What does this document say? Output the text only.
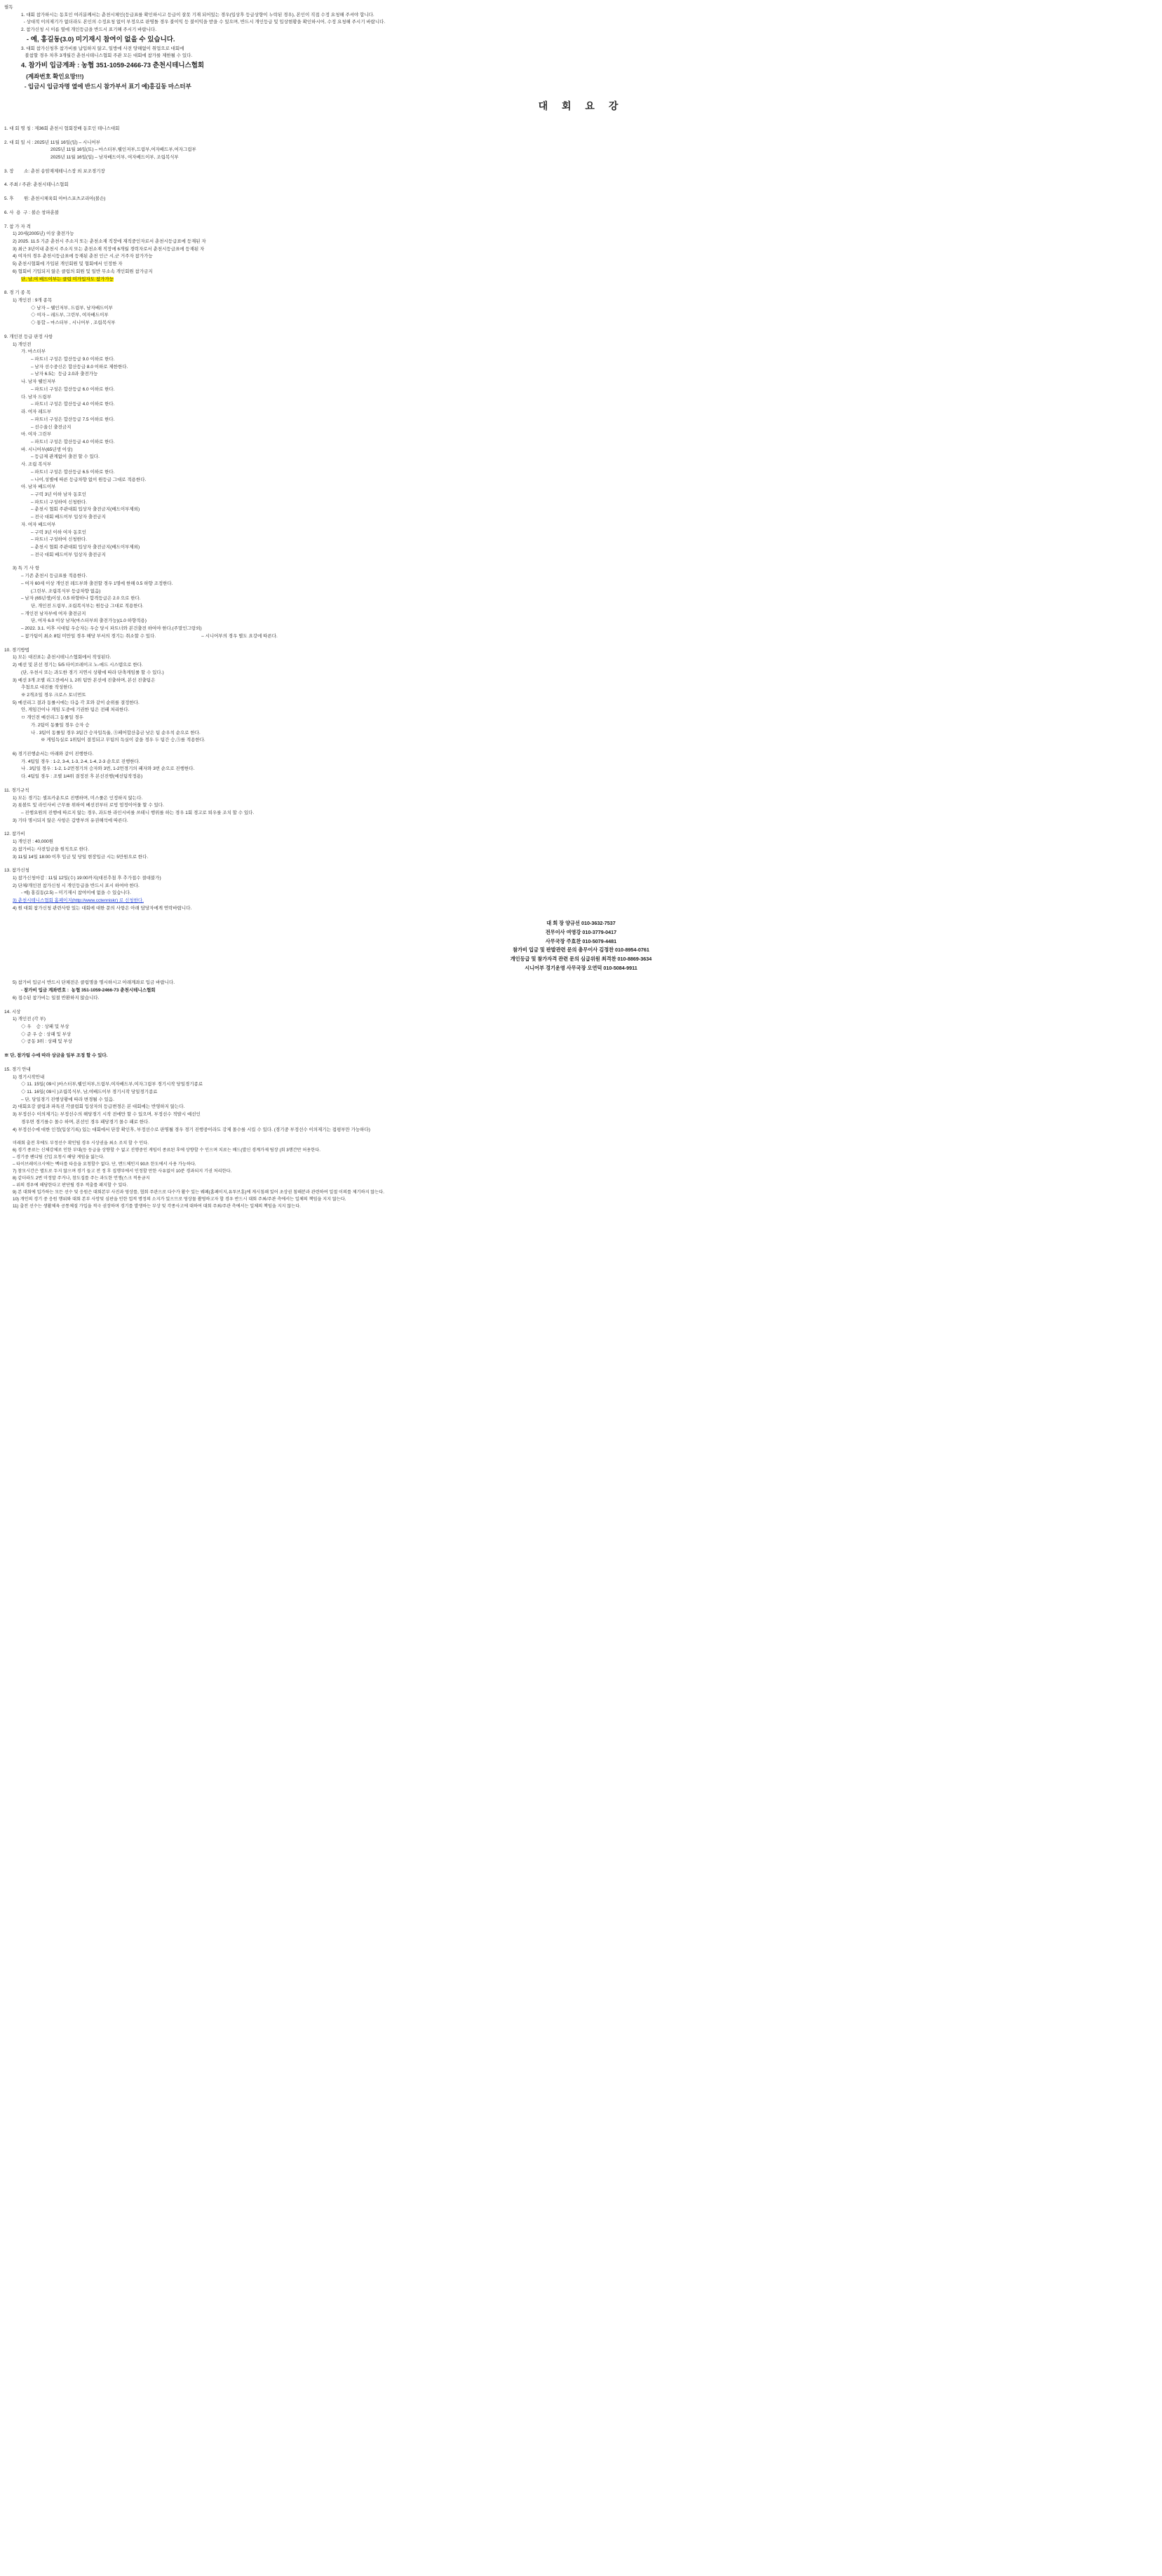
필독
1. 대회 참가하시는 동호인 여러분께서는 춘천시체인(등급표를 확인하시고 등급이 잘못 기재 되어있는 경우(입상후 등급상향이 누락된 경우), 본인이 직접 수정 요청해 주셔야 합니다.
- 상대적 이의제기가 없더라도 본인의 수정요청 없이 부정으로 판명돌 경우 불이익 등 불이익을 받을 수 있으며, 반드시 개인등급 및 입상현황을 확인하시어, 수정 요청해 주시기 바랍니다.
2. 참가신청 시 이름 옆에 개인등급을 반드시 표기해 주시기 바랍니다.
- 예, 홍길동(3.0) 미기재시 참여이 없을 수 있습니다.
3. 대회 참가신청후 참가비를 납입하지 않고, 일방에 사전 양해없이 취업으로 대회에
불참할 경우 차후 3개월간 춘천시테니스협회 주관 모든 대회에 참가를 제한될 수 있다.
4. 참가비 입금계좌 : 농협 351-1059-2466-73 춘천시테니스협회
(계좌번호 확인요망!!!)
- 입금시 입금자명 옆에 반드시 참가부서 표기 예)홍길동 마스터부
대 회 요 강
1. 대 회 명 칭 : 제36회 춘천시 협회장배 동호인 테니스대회
2. 대 회 일 시 : 2025년 11월 16일(일) – 시니어부
2025년 11월 16일(토) – 마스터부,웰인저부,드림부,여자배드부,여자그림부
2025년 11월 16일(일) – 남자배드이부, 여자배드이부, 조립복식부
3. 장        소: 춘천 송암재제테니스장 외 보조경기장
4. 주최 / 주관: 춘천시테니스협회
5. 후        원: 춘천시체육회 아마스포츠코리아(볼슨)
6. 사  용  구 : 볼슨 창파훈볼
7. 참 가 자 격
1) 20세(2005년) 이상 출전가능
2) 2025. 11.5 기준 춘천시 주소지 또는 춘천소재 직장에 재직중인자로서 춘천시등급표에 등재된 자
3) 최근 3년이내 춘천시 주소지 또는 춘천소재 직장에 6개월 경력자로서 춘천시등급표에 등재된 자
4) 여자의 경우 춘천시등급표에 등재된 춘천 인근 시,군 거주자 참가가능
5) 춘천시협회에 가입된 개인회원 및 협회에서 인정한 자
6) 협회비 기입되지 않은 클럽의 회원 및 일반 무소속 개인회원 참가금지
단, 남,여 배드이부는 클럽 미가입자도 참가가능
8. 경 기 종 목
1) 개인전 : 9개 종목
◇ 남자 – 웰인저부, 드림부, 남자배드이부
◇ 여자 – 레드부, 그린부, 여자배드이부
◇ 통합 – 마스터부 , 시니어부 , 조립복식부
9. 개인전 등급 판정 사항
1) 개인전
가. 마스터부
– 파트너 구성은 합산등급 9.0 이하로 한다.
– 남자 선수중신은 합산등급 8.0 이하로 제한한다.
– 남자 6.5는  등급 2.0과 출전가능
나. 남자 웰인저부
– 파트너 구성은 합산등급 6.0 이하로 한다.
다. 남자 드림부
– 파트너 구성은 합산등급 4.0 이하로 한다.
라. 여자 레드부
– 파트너 구성은 합산등급 7.5 이하로 한다.
– 선수울신 출전금지
마. 여자 그린부
– 파트너 구성은 합산등급 4.0 이하로 한다.
바. 시니어부(65년생 이상)
– 등급제 관계없이 출전 할 수 있다.
사. 조립 복식부
– 파트너 구성은 합산등급 6.5 이하로 한다.
– 나이,성별에 따른 등급차향 없이 원등급 그대로 적용한다.
아. 남자 배드이부
– 구력 3년 이하 남자 동호인
– 파트너 구성하여 신청한다.
– 춘천시 협회 주관대회 입상자 출전금지(배드이부제외)
– 전국 대회 배드이부 입상자 출전금지
자. 여자 배드이부
– 구력 3년 이하 여자 동호인
– 파트너 구성하여 신청한다.
– 춘천시 협회 주관대회 입상자 출전금지(배드이부제외)
– 전국 대회 배드이부 입상자 출전금지
3) 특 기 사 항
– 기존 춘천시 등급표를 적용한다.
– 여자 60세 이상 개인전 레드부와 출전할 경우 1명에 한해 0.5 하향 조정한다.
(그린부, 조립복식부 등급차향 없음)
– 남자 (65년생)이상, 0.5 하향하나 합격등급은 2.0 으로 한다.
단, 개인전 드림부, 조립복식부는 원등급 그대로 적용한다.
– 개인전 남자부에 여자 출전금지
단, 여자 6.0 이상 남자(마스터부외 출전가능)(1.0 하향적용)
– 2022. 3.1. 이후 시대팀 우승자는 우승 당시 파트너와 본건출전 하여야 한다.(주말인그랑외)
– 참가팀이 최소 8팀 미만일 경우 해당 부서의 경기는 취소할 수 있다.                                    – 시니어부의 경우 별도 요강에 따른다.
10. 경기방법
1) 모든 대진표는 춘천시테니스협회에서 작성된다.
2) 예선 및 본선 경기는 5/5 타이브레이크 노-애드 시스템으로 한다.
(단, 우천시 또는 과도한 경기 지연시 상황에 따라 단축게임룰 할 수 있다.)
3) 예선 3개 조별 리그전에서 1, 2위 팀만 본선에 진출하며, 본선 진출팀은
추첨으로 대진를 작성한다.
※ 2개조일 경우 크로스 토너먼트
5) 예선리그 결과 동률시에는 다음 각 호와 같이 순위를 결정한다.
안, 게임간이나 게임 도중에 기권한 팀은 전패 처리한다.
ㅁ 개인전 예선리그 동률일 경우
가. 2팀이 동률일 경우 승자 승
나 . 3팀이 동률일 경우 3팀간 승자입득율, ⑤페어합산총금 낮은 팀 순우칙 순으로 한다.
※ 게임득실로 1위팀이 결정되고 무팀의 득실이 같을 경우 두 팀간 승,⑤를 적용한다.
6) 경기진행순서는 아래와 같이 진행한다.
가. 4팀일 경우 : 1-2, 3-4, 1-3, 2-4, 1-4, 2-3 순으로 진행한다.
나 . 3팀일 경우 : 1-2, 1-2먼경기의 승자와 3번, 1-2먼경기의 패자와 3번 순으로 진행한다.
다. 4팀일 경우 : 조별 1/4위 결정전 후 본선진행(예선팀작정용)
11. 경기규칙
1) 모든 경기는 셀프카운트로 진행하며, 미스룰은 인정하지 않는다.
2) 롯볼트 및 라인사비 근무를 위하여 베선전부터 로빙 엄정이어물 할 수 있다.
– 진행요원의 진행에 따르지 않는 경우, 과도한 라인시비를 쓰테니 행위를 하는 경우 1회 경고로 퇴우를 조치 할 수 있다.
3) 기타 명시되지 않은 사항은 갑방부의 유권해석에 따른다.
12. 참가비
1) 개인전 : 40,000원
2) 참가비는 사전입금을 원칙으로 한다.
3) 11월 14일 18:00 이후 입금 및 당일 현장입금 시는 5만원으로 한다.
13. 참가신청
1) 참가신청마감 : 11월 12일(수) 19:00까지(대진추첨 후 추가접수 절대불가)
2) 단체/개인전 참가신청 시 개인등급을 반드시 표시 하여야 한다.
- 예) 홍길동(2.5) – 미기재시 참여이에 없을 수 있습니다.
3) 춘천시테니스협회 홈페이지(http://www.cctenniskr) 로 신청한다.
4) 원 대회 참가신청 관련사항 있는 대회에 대한 문의 사항은 아래 담당자에게 연락바랍니다.
대 회 장 양규선 010-3632-7537
전무이사 여영강 010-3779-0417
사무국장 주효찬 010-5079-4481
참가비 입금 및 판발관련 문의 총무이사 김정찬 010-8954-0761
개인등급 및 참가자격 관련 문의 심급위원 최격찬 010-8869-3634
시니어부 경기운영 사무국장 오연덕 010-5084-9911
5) 참가비 입금시 반드시 단체전은 클럽명을 명시하시고 아래계좌로 입금 바랍니다.
- 참가비 입금 계좌번호 :  농협 351-1059-2466-73 춘천시테니스협회
6) 접수된 참가비는 일절 반환하지 않습니다.
14. 시상
1) 개인전 (각 부)
◇ 우    승 : 상패 및 부상
◇ 준 우 승 : 상패 및 부상
◇ 공동 3위 : 상패 및 부상
※ 단, 참가팀 수에 따라 상금을 일부 조정 할 수 있다.
15. 경기 안내
1) 경기시작안내
◇ 11. 15일( 09시 )마스터부,웰인저부,드림부,여자배드부,여자그림부 경기시작 당일경기종료
◇ 11. 16일( 09시 )조립복식부, 남,여배드이부 경기시작 당일경기종료
– 단, 당일경기 진행상황에 따라 변경될 수 있음.
2) 대회요강 클럽과 파특진 각클럽회 입상자의 등급변경은 본 대회에는 반영하지 않는다.
3) 부정선수 이의제기는 부정선수의 해당경기 시작 전에만 할 수 있으며, 부정선수 적발시 예선인
경우면 경기를수 몰수 하며, 본선인 경우 패당경기 몰수 패로 한다.
4) 부정선수에 대한 인정(입상기록) 있는 대회에서 단장 확인후, 부정선수로 판명될 경우 경기 진행중이라도 강제 몰수를 시킬 수 있다. (경기중 부정선수 이의제기는 접평부만 가능하다)
미래회 출전 후에도 부정선수 확인될 경우 시상권을 최소 조치 할 수 인다.
6) 경기 종료는 신체강체로 인한 부대(등 등급을 상향할 수 없고 진행중인 게임이 종료된 후에 상향할 수 인으며 치료는 배드(발신 경계가제 팀장 (회 3행간만 허용한다.
– 경기중 팬디팀 신입 요청시 해당 게임을 잃는다.
– 타이브레이크시에는 벡터를 타음을 요청할수 없다. 단, 맨드체인지 90초 한도에서 사용 가능하다.
7) 참모시간은 별도로 두지 않으며 경기 들고 전 정 후 집행부에서 인정할 만한 사유없이 10분 경과되지 기권 처리한다.
8) 같더라도 2번 미정말 주거나, 참도집를 주는 과도한 언쟁(스크 적용금지
– 위의 경우에 해당한다고 판단될 경우 적출를 패지할 수 있다.
9) 본 대회에 입가하는 모든 선수 및 응원은 대회본부 사진과 영상를, 협회 주관으로 다수가 활수 있는 웨페(홈페이지,유투브훈)에 게시침쇄 있어 초상권 침해분과 관련하여 일절 이의를 제기하지 않는다.
10) 개인의 경기 중 응원 행위와 대회 본부 사망및 심판을 인한 업적 명정의 소지가 있으므로 영상물 촬영하고자 할 경우 반드시 대회 주최/주관 측에서는 일체의 책임을 지지 않는다.
11) 출전 선수는 생활체육 공통체질 가입을 적극 권장하며 경기를 발생하는 부상 및 각종사고에 대하여 대회 주최/주관 측에서는 일체의 책임을 지지 않는다.
